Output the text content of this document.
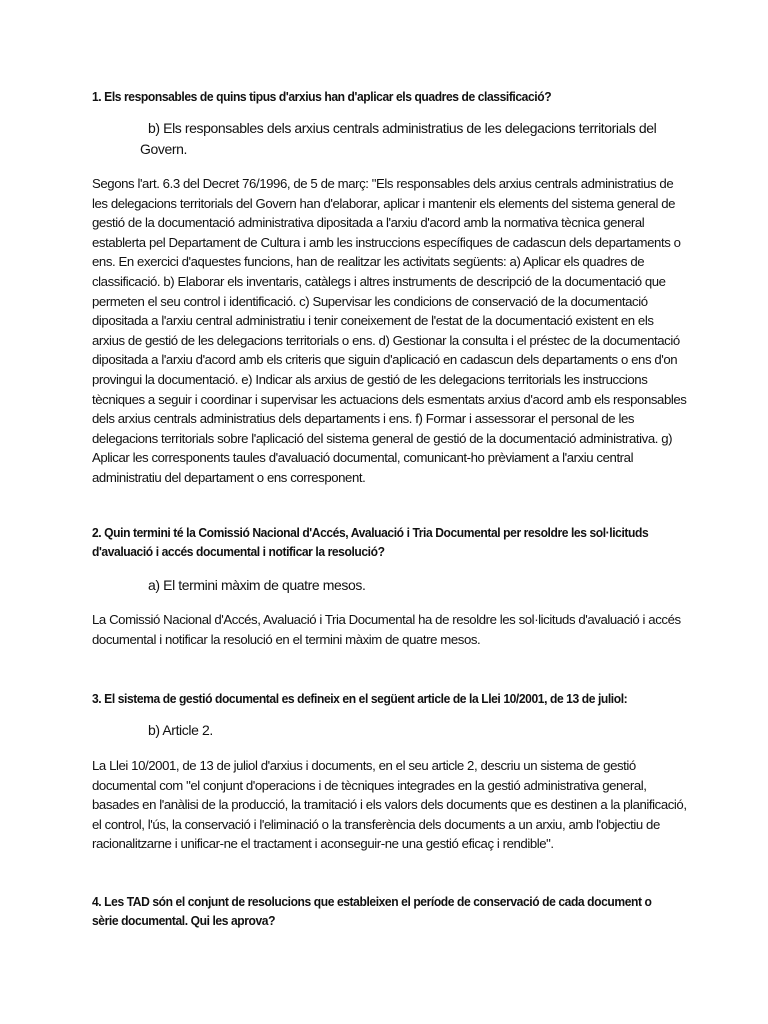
1. Els responsables de quins tipus d'arxius han d'aplicar els quadres de classificació?

b) Els responsables dels arxius centrals administratius de les delegacions territorials del Govern.

Segons l'art. 6.3 del Decret 76/1996, de 5 de març: "Els responsables dels arxius centrals administratius de les delegacions territorials del Govern han d'elaborar, aplicar i mantenir els elements del sistema general de gestió de la documentació administrativa dipositada a l'arxiu d'acord amb la normativa tècnica general establerta pel Departament de Cultura i amb les instruccions específiques de cadascun dels departaments o ens. En exercici d'aquestes funcions, han de realitzar les activitats següents: a) Aplicar els quadres de classificació. b) Elaborar els inventaris, catàlegs i altres instruments de descripció de la documentació que permeten el seu control i identificació. c) Supervisar les condicions de conservació de la documentació dipositada a l'arxiu central administratiu i tenir coneixement de l'estat de la documentació existent en els arxius de gestió de les delegacions territorials o ens. d) Gestionar la consulta i el préstec de la documentació dipositada a l'arxiu d'acord amb els criteris que siguin d'aplicació en cadascun dels departaments o ens d'on provingui la documentació. e) Indicar als arxius de gestió de les delegacions territorials les instruccions tècniques a seguir i coordinar i supervisar les actuacions dels esmentats arxius d'acord amb els responsables dels arxius centrals administratius dels departaments i ens. f) Formar i assessorar el personal de les delegacions territorials sobre l'aplicació del sistema general de gestió de la documentació administrativa. g) Aplicar les corresponents taules d'avaluació documental, comunicant-ho prèviament a l'arxiu central administratiu del departament o ens corresponent.

2. Quin termini té la Comissió Nacional d'Accés, Avaluació i Tria Documental per resoldre les sol·licituds d'avaluació i accés documental i notificar la resolució?

a) El termini màxim de quatre mesos.

La Comissió Nacional d'Accés, Avaluació i Tria Documental ha de resoldre les sol·licituds d'avaluació i accés documental i notificar la resolució en el termini màxim de quatre mesos.

3. El sistema de gestió documental es defineix en el següent article de la Llei 10/2001, de 13 de juliol:

b) Article 2.

La Llei 10/2001, de 13 de juliol d'arxius i documents, en el seu article 2, descriu un sistema de gestió documental com "el conjunt d'operacions i de tècniques integrades en la gestió administrativa general, basades en l'anàlisi de la producció, la tramitació i els valors dels documents que es destinen a la planificació, el control, l'ús, la conservació i l'eliminació o la transferència dels documents a un arxiu, amb l'objectiu de racionalitzarne i unificar-ne el tractament i aconseguir-ne una gestió eficaç i rendible".

4. Les TAD són el conjunt de resolucions que estableixen el període de conservació de cada document o sèrie documental. Qui les aprova?
